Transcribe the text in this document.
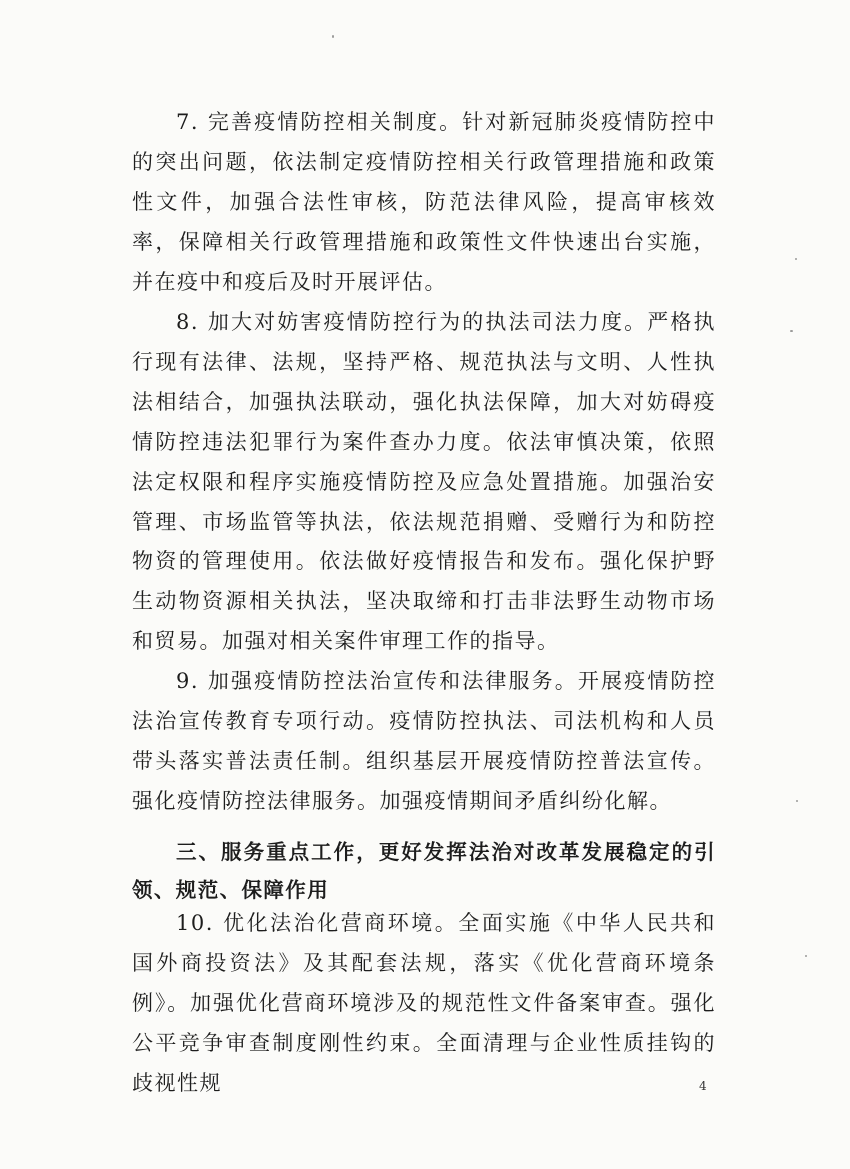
7. 完善疫情防控相关制度。针对新冠肺炎疫情防控中的突出问题，依法制定疫情防控相关行政管理措施和政策性文件，加强合法性审核，防范法律风险，提高审核效率，保障相关行政管理措施和政策性文件快速出台实施，并在疫中和疫后及时开展评估。

8. 加大对妨害疫情防控行为的执法司法力度。严格执行现有法律、法规，坚持严格、规范执法与文明、人性执法相结合，加强执法联动，强化执法保障，加大对妨碍疫情防控违法犯罪行为案件查办力度。依法审慎决策，依照法定权限和程序实施疫情防控及应急处置措施。加强治安管理、市场监管等执法，依法规范捐赠、受赠行为和防控物资的管理使用。依法做好疫情报告和发布。强化保护野生动物资源相关执法，坚决取缔和打击非法野生动物市场和贸易。加强对相关案件审理工作的指导。

9. 加强疫情防控法治宣传和法律服务。开展疫情防控法治宣传教育专项行动。疫情防控执法、司法机构和人员带头落实普法责任制。组织基层开展疫情防控普法宣传。强化疫情防控法律服务。加强疫情期间矛盾纠纷化解。

三、服务重点工作，更好发挥法治对改革发展稳定的引领、规范、保障作用

10. 优化法治化营商环境。全面实施《中华人民共和国外商投资法》及其配套法规，落实《优化营商环境条例》。加强优化营商环境涉及的规范性文件备案审查。强化公平竞争审查制度刚性约束。全面清理与企业性质挂钩的歧视性规	4
